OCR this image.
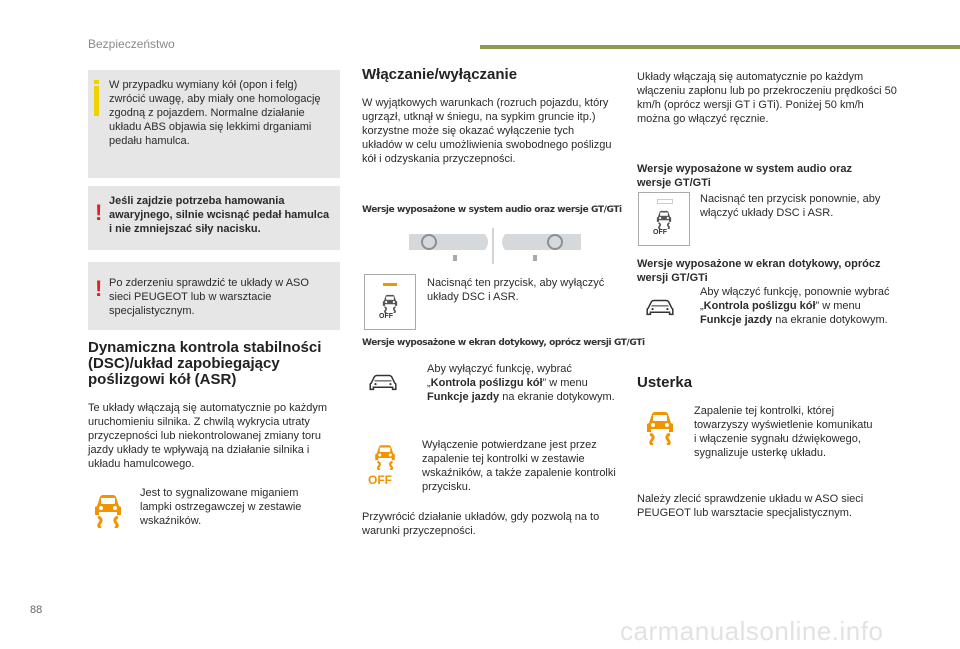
Bezpieczeństwo

W przypadku wymiany kół (opon i felg) zwrócić uwagę, aby miały one homologację zgodną z pojazdem. Normalne działanie układu ABS objawia się lekkimi drganiami pedału hamulca.

! Jeśli zajdzie potrzeba hamowania awaryjnego, silnie wcisnąć pedał hamulca i nie zmniejszać siły nacisku.

! Po zderzeniu sprawdzić te układy w ASO sieci PEUGEOT lub w warsztacie specjalistycznym.

Dynamiczna kontrola stabilności (DSC)/układ zapobiegający poślizgowi kół (ASR)

Te układy włączają się automatycznie po każdym uruchomieniu silnika. Z chwilą wykrycia utraty przyczepności lub niekontrolowanej zmiany toru jazdy układy te wpływają na działanie silnika i układu hamulcowego.

Jest to sygnalizowane miganiem lampki ostrzegawczej w zestawie wskaźników.

Włączanie/wyłączanie

W wyjątkowych warunkach (rozruch pojazdu, który ugrzązł, utknął w śniegu, na sypkim gruncie itp.) korzystne może się okazać wyłączenie tych układów w celu umożliwienia swobodnego poślizgu kół i odzyskania przyczepności.

Wersje wyposażone w system audio oraz wersje GT/GTi
OFF

Nacisnąć ten przycisk, aby wyłączyć układy DSC i ASR.

Wersje wyposażone w ekran dotykowy, oprócz wersji GT/GTi

Aby wyłączyć funkcję, wybrać „Kontrola poślizgu kół” w menu Funkcje jazdy na ekranie dotykowym.

OFF

Wyłączenie potwierdzane jest przez zapalenie tej kontrolki w zestawie wskaźników, a także zapalenie kontrolki przycisku.

Przywrócić działanie układów, gdy pozwolą na to warunki przyczepności.

Układy włączają się automatycznie po każdym włączeniu zapłonu lub po przekroczeniu prędkości 50 km/h (oprócz wersji GT i GTi). Poniżej 50 km/h można go włączyć ręcznie.

Wersje wyposażone w system audio oraz wersje GT/GTi
OFF

Nacisnąć ten przycisk ponownie, aby włączyć układy DSC i ASR.

Wersje wyposażone w ekran dotykowy, oprócz wersji GT/GTi

Aby włączyć funkcję, ponownie wybrać „Kontrola poślizgu kół” w menu Funkcje jazdy na ekranie dotykowym.

Usterka

Zapalenie tej kontrolki, której towarzyszy wyświetlenie komunikatu i włączenie sygnału dźwiękowego, sygnalizuje usterkę układu.

Należy zlecić sprawdzenie układu w ASO sieci PEUGEOT lub warsztacie specjalistycznym.

88
carmanualsonline.info
